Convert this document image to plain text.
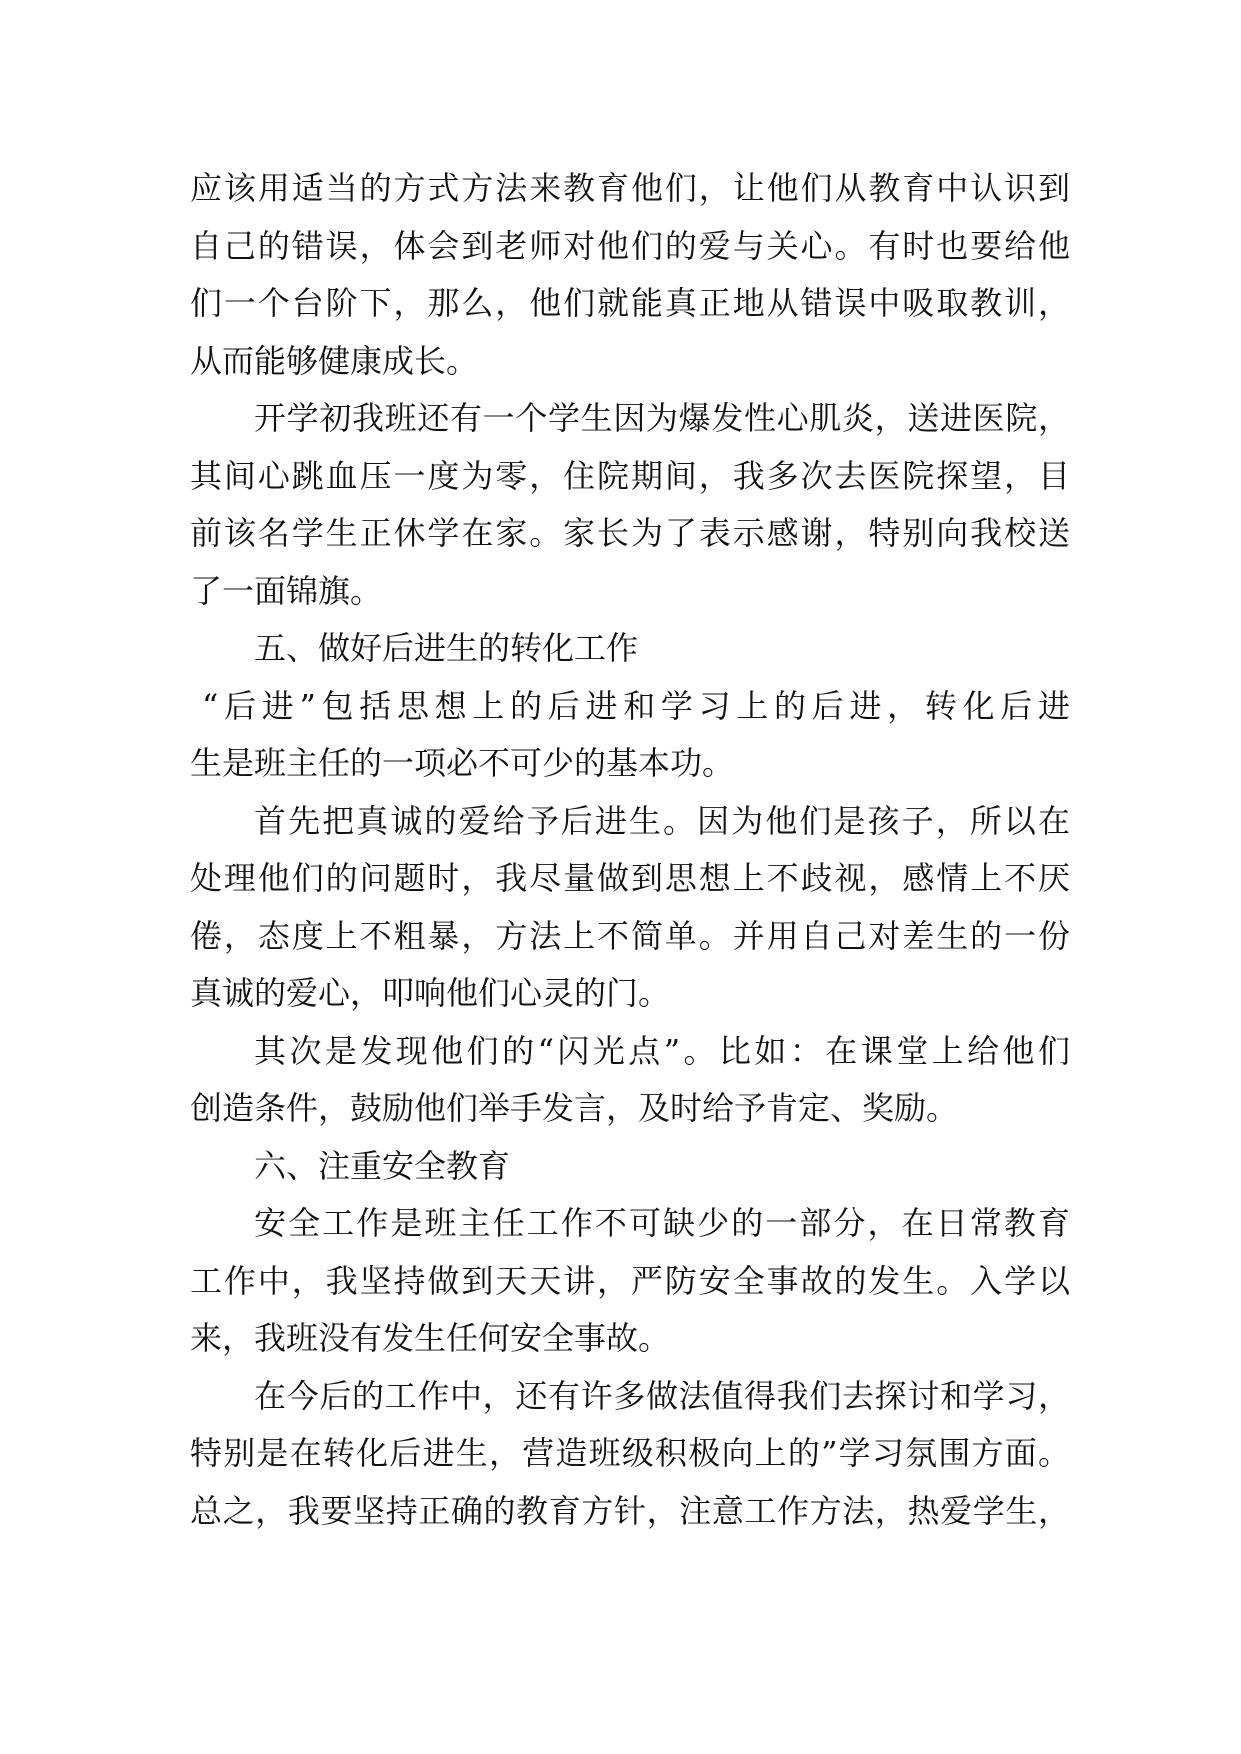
应该用适当的方式方法来教育他们，让他们从教育中认识到
自己的错误，体会到老师对他们的爱与关心。有时也要给他
们一个台阶下，那么，他们就能真正地从错误中吸取教训，
从而能够健康成长。
开学初我班还有一个学生因为爆发性心肌炎，送进医院，
其间心跳血压一度为零，住院期间，我多次去医院探望，目
前该名学生正休学在家。家长为了表示感谢，特别向我校送
了一面锦旗。
五、做好后进生的转化工作
“后进”包括思想上的后进和学习上的后进，转化后进
生是班主任的一项必不可少的基本功。
首先把真诚的爱给予后进生。因为他们是孩子，所以在
处理他们的问题时，我尽量做到思想上不歧视，感情上不厌
倦，态度上不粗暴，方法上不简单。并用自己对差生的一份
真诚的爱心，叩响他们心灵的门。
其次是发现他们的“闪光点”。比如：在课堂上给他们
创造条件，鼓励他们举手发言，及时给予肯定、奖励。
六、注重安全教育
安全工作是班主任工作不可缺少的一部分，在日常教育
工作中，我坚持做到天天讲，严防安全事故的发生。入学以
来，我班没有发生任何安全事故。
在今后的工作中，还有许多做法值得我们去探讨和学习，
特别是在转化后进生，营造班级积极向上的”学习氛围方面。
总之，我要坚持正确的教育方针，注意工作方法，热爱学生，
